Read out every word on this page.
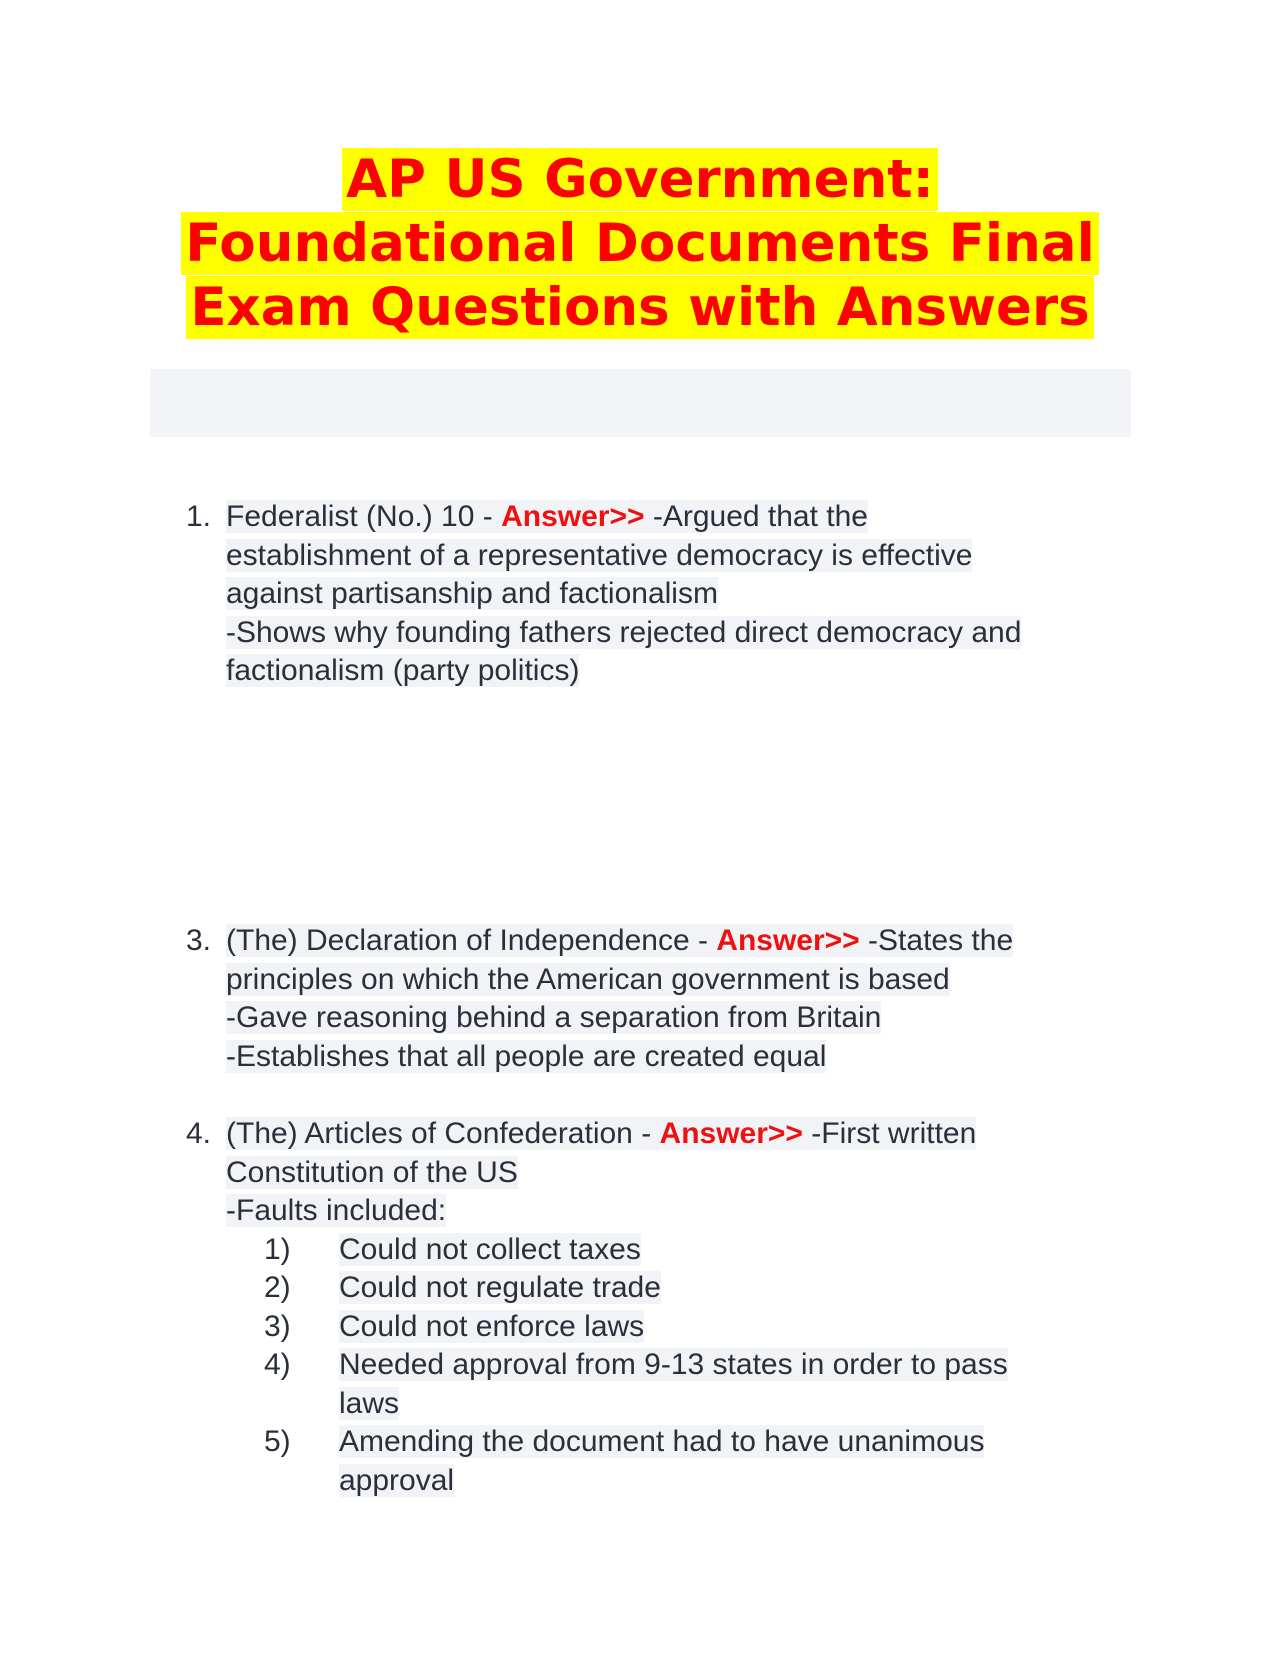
AP US Government:
Foundational Documents Final
Exam Questions with Answers
1. Federalist (No.) 10 - Answer>> -Argued that the
establishment of a representative democracy is effective
against partisanship and factionalism
-Shows why founding fathers rejected direct democracy and
factionalism (party politics)
3. (The) Declaration of Independence - Answer>> -States the
principles on which the American government is based
-Gave reasoning behind a separation from Britain
-Establishes that all people are created equal
4. (The) Articles of Confederation - Answer>> -First written
Constitution of the US
-Faults included:
1) Could not collect taxes
2) Could not regulate trade
3) Could not enforce laws
4) Needed approval from 9-13 states in order to pass
laws
5) Amending the document had to have unanimous
approval
